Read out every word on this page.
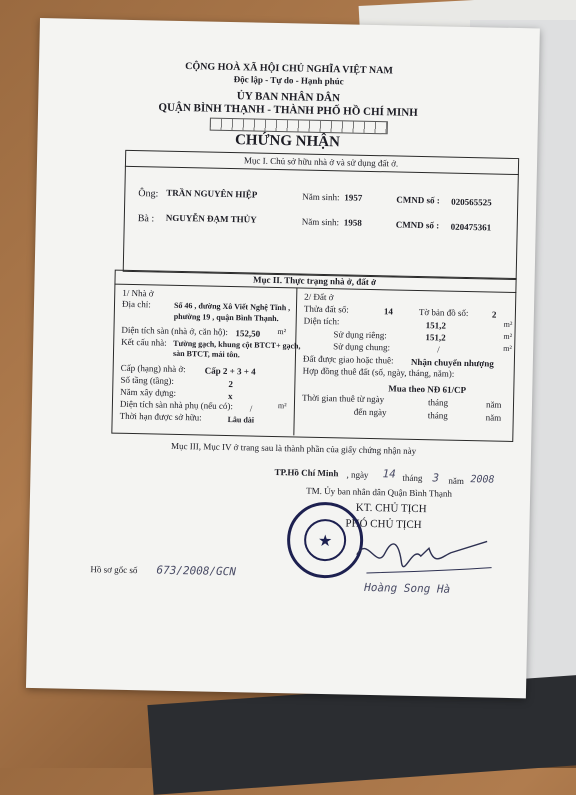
CỘNG HOÀ XÃ HỘI CHỦ NGHĨA VIỆT NAM
Độc lập - Tự do - Hạnh phúc
ỦY BAN NHÂN DÂN
QUẬN BÌNH THẠNH - THÀNH PHỐ HỒ CHÍ MINH
CHỨNG NHẬN
Mục I. Chủ sở hữu nhà ở và sử dụng đất ở.
Ông: TRẦN NGUYÊN HIỆP	Năm sinh: 1957	CMND số : 020565525
Bà : NGUYỄN ĐẠM THỦY	Năm sinh: 1958	CMND số : 020475361
Mục II. Thực trạng nhà ở, đất ở
1/ Nhà ở
Địa chỉ:	Số 46 , đường Xô Viết Nghệ Tĩnh ,
phường 19 , quận Bình Thạnh.
Diện tích sàn (nhà ở, căn hộ): 152,50 m²
Kết cấu nhà: Tường gạch, khung cột BTCT+ gạch,
sàn BTCT, mái tôn.
Cấp (hạng) nhà ở: Cấp 2 + 3 + 4
Số tầng (tầng):	2
Năm xây dựng:	x
Diện tích sàn nhà phụ (nếu có): /	m²
Thời hạn được sở hữu:	Lâu dài
2/ Đất ở
Thửa đất số:	14	Tờ bản đồ số:	2
Diện tích:	151,2	m²
Sử dụng riêng:	151,2	m²
Sử dụng chung:	/	m²
Đất được giao hoặc thuê: Nhận chuyển nhượng
Hợp đồng thuê đất (số, ngày, tháng, năm):
Mua theo NĐ 61/CP
Thời gian thuê từ ngày	tháng	năm
đến ngày	tháng	năm
Mục III, Mục IV ở trang sau là thành phần của giấy chứng nhận này
TP.Hồ Chí Minh , ngày 14 tháng 3 năm 2008
TM. Ủy ban nhân dân Quận Bình Thạnh
KT. CHỦ TỊCH
PHÓ CHỦ TỊCH
★
Hoàng Song Hà
Hồ sơ gốc số 673/2008/GCN
